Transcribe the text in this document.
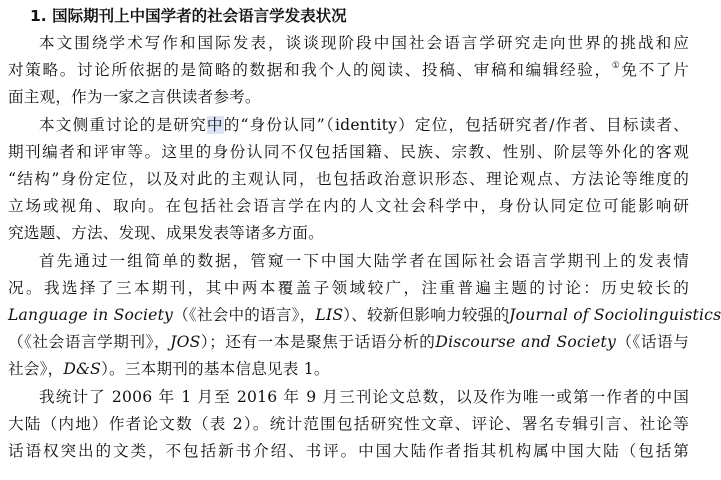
1. 国际期刊上中国学者的社会语言学发表状况
本文围绕学术写作和国际发表，谈谈现阶段中国社会语言学研究走向世界的挑战和应
对策略。讨论所依据的是简略的数据和我个人的阅读、投稿、审稿和编辑经验，①免不了片
面主观，作为一家之言供读者参考。
本文侧重讨论的是研究中的“身份认同”（identity）定位，包括研究者/作者、目标读者、
期刊编者和评审等。这里的身份认同不仅包括国籍、民族、宗教、性别、阶层等外化的客观
“结构”身份定位，以及对此的主观认同，也包括政治意识形态、理论观点、方法论等维度的
立场或视角、取向。在包括社会语言学在内的人文社会科学中，身份认同定位可能影响研
究选题、方法、发现、成果发表等诸多方面。
首先通过一组简单的数据，管窥一下中国大陆学者在国际社会语言学期刊上的发表情
况。我选择了三本期刊，其中两本覆盖子领域较广，注重普遍主题的讨论：历史较长的
Language in Society（《社会中的语言》，LIS）、较新但影响力较强的Journal of Sociolinguistics
（《社会语言学期刊》，JOS）；还有一本是聚焦于话语分析的Discourse and Society（《话语与
社会》，D&S）。三本期刊的基本信息见表 1。
我统计了 2006 年 1 月至 2016 年 9 月三刊论文总数，以及作为唯一或第一作者的中国
大陆（内地）作者论文数（表 2）。统计范围包括研究性文章、评论、署名专辑引言、社论等
话语权突出的文类，不包括新书介绍、书评。中国大陆作者指其机构属中国大陆（包括第
